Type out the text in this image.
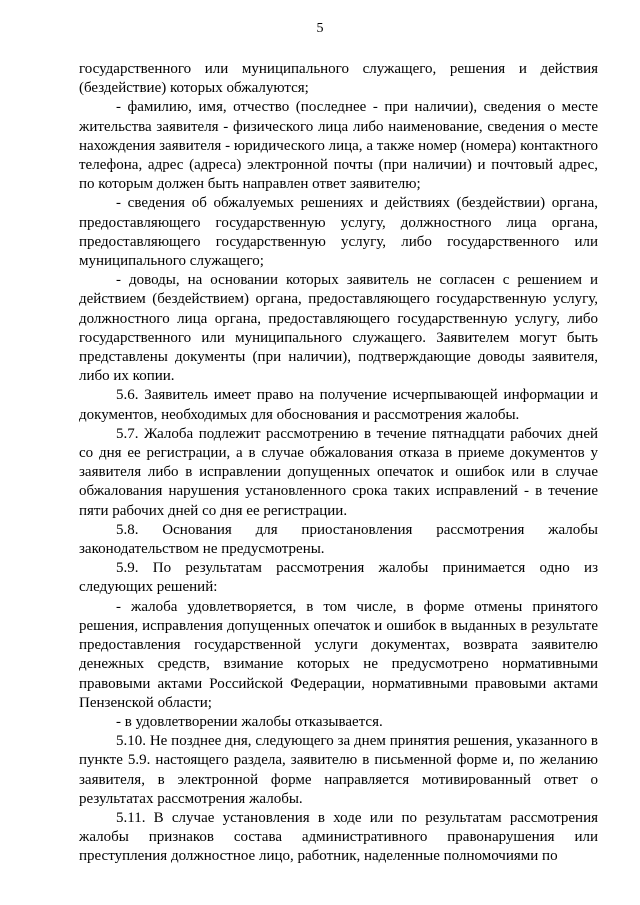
5

государственного или муниципального служащего, решения и действия (бездействие) которых обжалуются;

- фамилию, имя, отчество (последнее - при наличии), сведения о месте жительства заявителя - физического лица либо наименование, сведения о месте нахождения заявителя - юридического лица, а также номер (номера) контактного телефона, адрес (адреса) электронной почты (при наличии) и почтовый адрес, по которым должен быть направлен ответ заявителю;

- сведения об обжалуемых решениях и действиях (бездействии) органа, предоставляющего государственную услугу, должностного лица органа, предоставляющего государственную услугу, либо государственного или муниципального служащего;

- доводы, на основании которых заявитель не согласен с решением и действием (бездействием) органа, предоставляющего государственную услугу, должностного лица органа, предоставляющего государственную услугу, либо государственного или муниципального служащего. Заявителем могут быть представлены документы (при наличии), подтверждающие доводы заявителя, либо их копии.

5.6. Заявитель имеет право на получение исчерпывающей информации и документов, необходимых для обоснования и рассмотрения жалобы.

5.7. Жалоба подлежит рассмотрению в течение пятнадцати рабочих дней со дня ее регистрации, а в случае обжалования отказа в приеме документов у заявителя либо в исправлении допущенных опечаток и ошибок или в случае обжалования нарушения установленного срока таких исправлений - в течение пяти рабочих дней со дня ее регистрации.

5.8. Основания для приостановления рассмотрения жалобы законодательством не предусмотрены.

5.9. По результатам рассмотрения жалобы принимается одно из следующих решений:

- жалоба удовлетворяется, в том числе, в форме отмены принятого решения, исправления допущенных опечаток и ошибок в выданных в результате предоставления государственной услуги документах, возврата заявителю денежных средств, взимание которых не предусмотрено нормативными правовыми актами Российской Федерации, нормативными правовыми актами Пензенской области;

- в удовлетворении жалобы отказывается.

5.10. Не позднее дня, следующего за днем принятия решения, указанного в пункте 5.9. настоящего раздела, заявителю в письменной форме и, по желанию заявителя, в электронной форме направляется мотивированный ответ о результатах рассмотрения жалобы.

5.11. В случае установления в ходе или по результатам рассмотрения жалобы признаков состава административного правонарушения или преступления должностное лицо, работник, наделенные полномочиями по
